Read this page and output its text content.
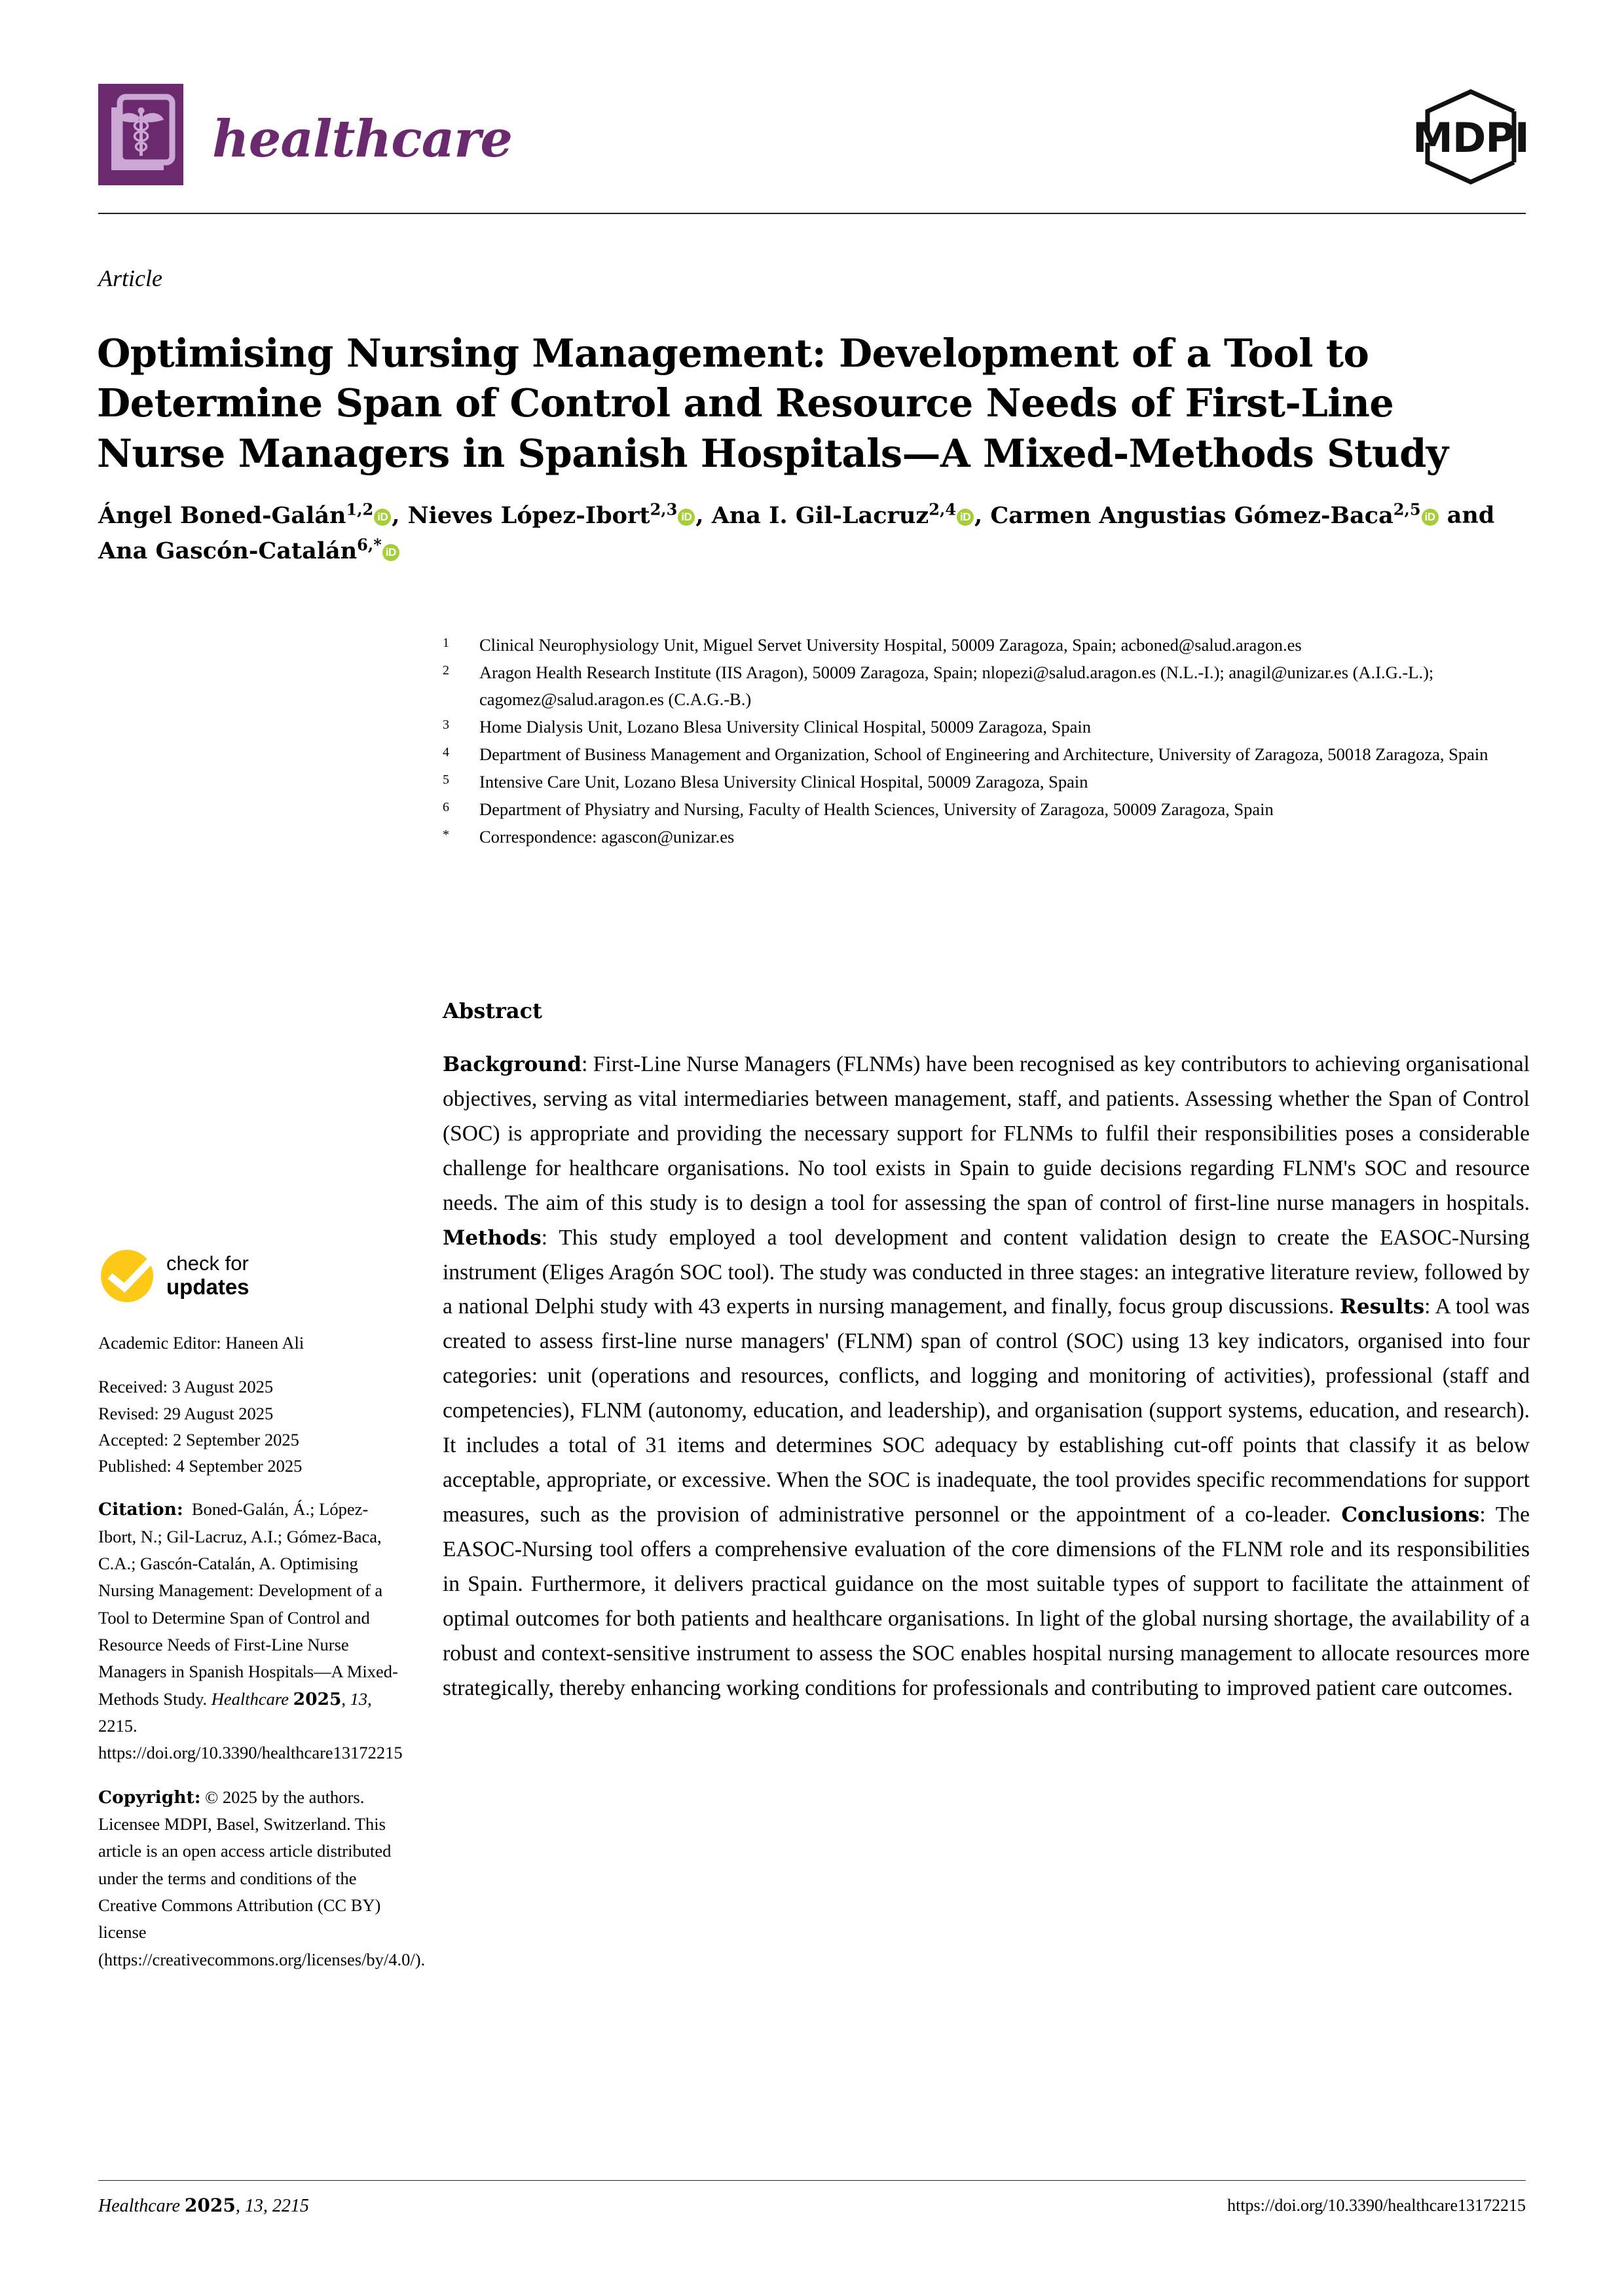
healthcare	MDPI
Article
Optimising Nursing Management: Development of a Tool to Determine Span of Control and Resource Needs of First-Line Nurse Managers in Spanish Hospitals—A Mixed-Methods Study
Ángel Boned-Galán$^{1,2}$ iD , Nieves López-Ibort$^{2,3}$ iD , Ana I. Gil-Lacruz$^{2,4}$ iD , Carmen Angustias Gómez-Baca$^{2,5}$ iD and Ana Gascón-Catalán$^{6,*}$ iD
1	Clinical Neurophysiology Unit, Miguel Servet University Hospital, 50009 Zaragoza, Spain; acboned@salud.aragon.es
2	Aragon Health Research Institute (IIS Aragon), 50009 Zaragoza, Spain; nlopezi@salud.aragon.es (N.L.-I.); anagil@unizar.es (A.I.G.-L.); cagomez@salud.aragon.es (C.A.G.-B.)
3	Home Dialysis Unit, Lozano Blesa University Clinical Hospital, 50009 Zaragoza, Spain
4	Department of Business Management and Organization, School of Engineering and Architecture, University of Zaragoza, 50018 Zaragoza, Spain
5	Intensive Care Unit, Lozano Blesa University Clinical Hospital, 50009 Zaragoza, Spain
6	Department of Physiatry and Nursing, Faculty of Health Sciences, University of Zaragoza, 50009 Zaragoza, Spain
*	Correspondence: agascon@unizar.es
Abstract
Background: First-Line Nurse Managers (FLNMs) have been recognised as key contributors to achieving organisational objectives, serving as vital intermediaries between management, staff, and patients. Assessing whether the Span of Control (SOC) is appropriate and providing the necessary support for FLNMs to fulfil their responsibilities poses a considerable challenge for healthcare organisations. No tool exists in Spain to guide decisions regarding FLNM's SOC and resource needs. The aim of this study is to design a tool for assessing the span of control of first-line nurse managers in hospitals. Methods: This study employed a tool development and content validation design to create the EASOC-Nursing instrument (Eliges Aragón SOC tool). The study was conducted in three stages: an integrative literature review, followed by a national Delphi study with 43 experts in nursing management, and finally, focus group discussions. Results: A tool was created to assess first-line nurse managers' (FLNM) span of control (SOC) using 13 key indicators, organised into four categories: unit (operations and resources, conflicts, and logging and monitoring of activities), professional (staff and competencies), FLNM (autonomy, education, and leadership), and organisation (support systems, education, and research). It includes a total of 31 items and determines SOC adequacy by establishing cut-off points that classify it as below acceptable, appropriate, or excessive. When the SOC is inadequate, the tool provides specific recommendations for support measures, such as the provision of administrative personnel or the appointment of a co-leader. Conclusions: The EASOC-Nursing tool offers a comprehensive evaluation of the core dimensions of the FLNM role and its responsibilities in Spain. Furthermore, it delivers practical guidance on the most suitable types of support to facilitate the attainment of optimal outcomes for both patients and healthcare organisations. In light of the global nursing shortage, the availability of a robust and context-sensitive instrument to assess the SOC enables hospital nursing management to allocate resources more strategically, thereby enhancing working conditions for professionals and contributing to improved patient care outcomes.
check for
updates
Academic Editor: Haneen Ali
Received: 3 August 2025
Revised: 29 August 2025
Accepted: 2 September 2025
Published: 4 September 2025
Citation: Boned-Galán, Á.; López-Ibort, N.; Gil-Lacruz, A.I.; Gómez-Baca, C.A.; Gascón-Catalán, A. Optimising Nursing Management: Development of a Tool to Determine Span of Control and Resource Needs of First-Line Nurse Managers in Spanish Hospitals—A Mixed-Methods Study. Healthcare 2025, 13, 2215.  https://doi.org/10.3390/healthcare13172215
Copyright: © 2025 by the authors. Licensee MDPI, Basel, Switzerland. This article is an open access article distributed under the terms and conditions of the Creative Commons Attribution (CC BY) license (https://creativecommons.org/licenses/by/4.0/).
Healthcare 2025, 13, 2215	https://doi.org/10.3390/healthcare13172215
